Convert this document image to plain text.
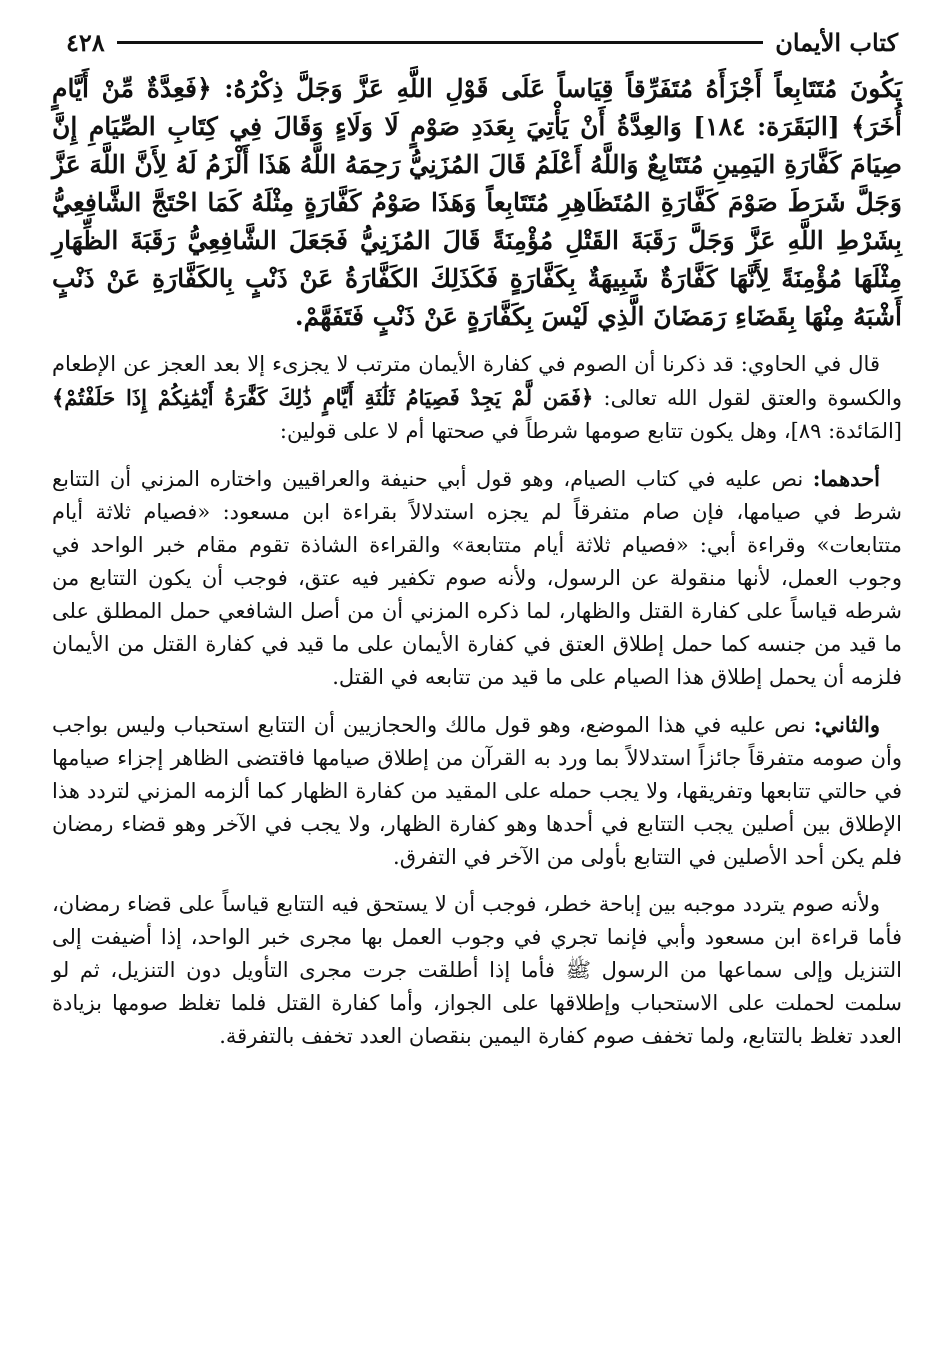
كتاب الأيمان
٤٢٨

يَكُونَ مُتَتَابِعاً أَجْزَأَهُ مُتَفَرِّقاً قِيَاساً عَلَى قَوْلِ اللَّهِ عَزَّ وَجَلَّ ذِكْرُهُ: ﴿فَعِدَّةٌ مِّنْ أَيَّامٍ أُخَرَ﴾ [البَقَرَة: ١٨٤] وَالعِدَّةُ أَنْ يَأْتِيَ بِعَدَدِ صَوْمٍ لَا وَلَاءٍ وَقَالَ فِي كِتَابِ الصِّيَامِ إِنَّ صِيَامَ كَفَّارَةِ اليَمِينِ مُتَتَابِعٌ وَاللَّهُ أَعْلَمُ قَالَ المُزَنِيُّ رَحِمَهُ اللَّهُ هَذَا أَلْزَمُ لَهُ لِأَنَّ اللَّهَ عَزَّ وَجَلَّ شَرَطَ صَوْمَ كَفَّارَةِ المُتَظَاهِرِ مُتَتَابِعاً وَهَذَا صَوْمُ كَفَّارَةٍ مِثْلَهُ كَمَا احْتَجَّ الشَّافِعِيُّ بِشَرْطِ اللَّهِ عَزَّ وَجَلَّ رَقَبَةَ القَتْلِ مُؤْمِنَةً قَالَ المُزَنِيُّ فَجَعَلَ الشَّافِعِيُّ رَقَبَةَ الظِّهَارِ مِثْلَهَا مُؤْمِنَةً لِأَنَّهَا كَفَّارَةٌ شَبِيهَةٌ بِكَفَّارَةٍ فَكَذَلِكَ الكَفَّارَةُ عَنْ ذَنْبٍ بِالكَفَّارَةِ عَنْ ذَنْبٍ أَشْبَهُ مِنْهَا بِقَضَاءِ رَمَضَانَ الَّذِي لَيْسَ بِكَفَّارَةٍ عَنْ ذَنْبٍ فَتَفَهَّمْ.

قال في الحاوي: قد ذكرنا أن الصوم في كفارة الأيمان مترتب لا يجزىء إلا بعد العجز عن الإطعام والكسوة والعتق لقول الله تعالى: ﴿فَمَن لَّمْ يَجِدْ فَصِيَامُ ثَلَٰثَةِ أَيَّامٍ ذَٰلِكَ كَفَّٰرَةُ أَيْمَٰنِكُمْ إِذَا حَلَفْتُمْ﴾ [المَائدة: ٨٩]، وهل يكون تتابع صومها شرطاً في صحتها أم لا على قولين:

أحدهما: نص عليه في كتاب الصيام، وهو قول أبي حنيفة والعراقيين واختاره المزني أن التتابع شرط في صيامها، فإن صام متفرقاً لم يجزه استدلالاً بقراءة ابن مسعود: «فصيام ثلاثة أيام متتابعات» وقراءة أبي: «فصيام ثلاثة أيام متتابعة» والقراءة الشاذة تقوم مقام خبر الواحد في وجوب العمل، لأنها منقولة عن الرسول، ولأنه صوم تكفير فيه عتق، فوجب أن يكون التتابع من شرطه قياساً على كفارة القتل والظهار، لما ذكره المزني أن من أصل الشافعي حمل المطلق على ما قيد من جنسه كما حمل إطلاق العتق في كفارة الأيمان على ما قيد في كفارة القتل من الأيمان فلزمه أن يحمل إطلاق هذا الصيام على ما قيد من تتابعه في القتل.

والثاني: نص عليه في هذا الموضع، وهو قول مالك والحجازيين أن التتابع استحباب وليس بواجب وأن صومه متفرقاً جائزاً استدلالاً بما ورد به القرآن من إطلاق صيامها فاقتضى الظاهر إجزاء صيامها في حالتي تتابعها وتفريقها، ولا يجب حمله على المقيد من كفارة الظهار كما ألزمه المزني لتردد هذا الإطلاق بين أصلين يجب التتابع في أحدها وهو كفارة الظهار، ولا يجب في الآخر وهو قضاء رمضان فلم يكن أحد الأصلين في التتابع بأولى من الآخر في التفرق.

ولأنه صوم يتردد موجبه بين إباحة خطر، فوجب أن لا يستحق فيه التتابع قياساً على قضاء رمضان، فأما قراءة ابن مسعود وأبي فإنما تجري في وجوب العمل بها مجرى خبر الواحد، إذا أضيفت إلى التنزيل وإلى سماعها من الرسول ﷺ فأما إذا أطلقت جرت مجرى التأويل دون التنزيل، ثم لو سلمت لحملت على الاستحباب وإطلاقها على الجواز، وأما كفارة القتل فلما تغلظ صومها بزيادة العدد تغلظ بالتتابع، ولما تخفف صوم كفارة اليمين بنقصان العدد تخفف بالتفرقة.
